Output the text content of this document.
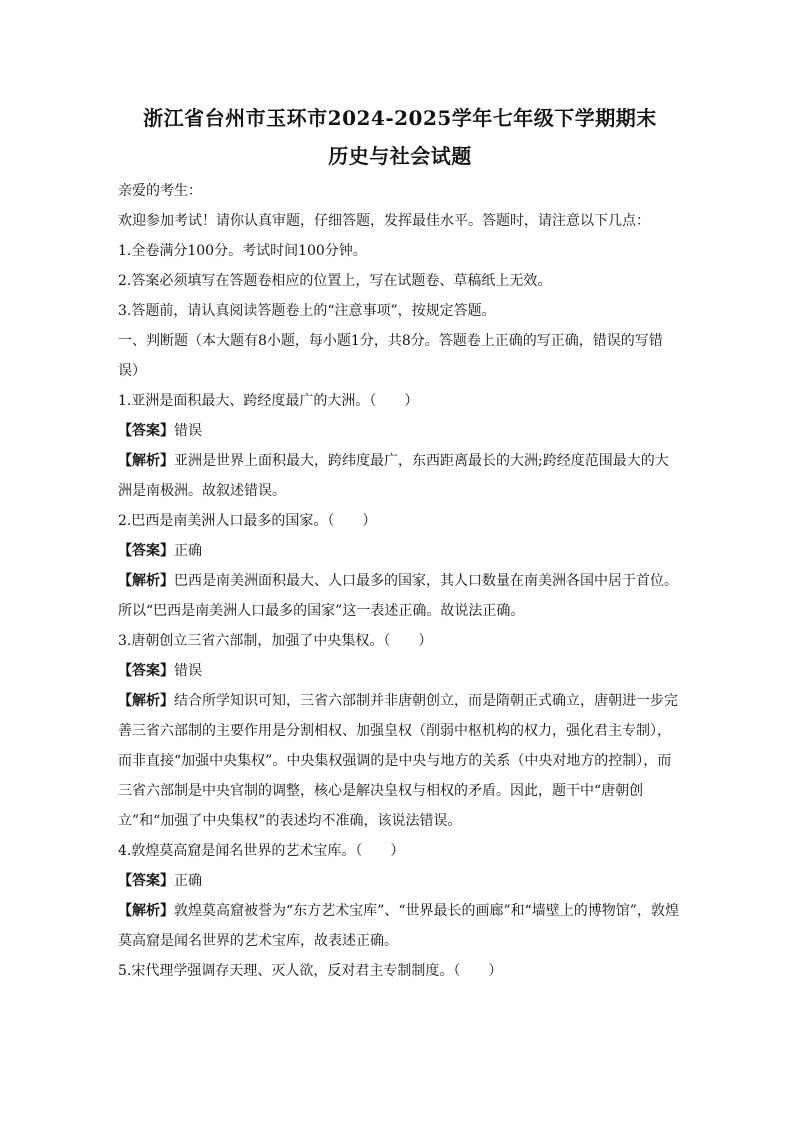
浙江省台州市玉环市2024-2025学年七年级下学期期末
历史与社会试题

亲爱的考生：

欢迎参加考试！请你认真审题，仔细答题，发挥最佳水平。答题时，请注意以下几点：

1.全卷满分100分。考试时间100分钟。

2.答案必须填写在答题卷相应的位置上，写在试题卷、草稿纸上无效。

3.答题前，请认真阅读答题卷上的“注意事项”，按规定答题。

一、判断题（本大题有8小题，每小题1分，共8分。答题卷上正确的写正确，错误的写错误）

1.亚洲是面积最大、跨经度最广的大洲。（　　）

【答案】错误

【解析】亚洲是世界上面积最大，跨纬度最广，东西距离最长的大洲;跨经度范围最大的大洲是南极洲。故叙述错误。

2.巴西是南美洲人口最多的国家。（　　）

【答案】正确

【解析】巴西是南美洲面积最大、人口最多的国家，其人口数量在南美洲各国中居于首位。所以“巴西是南美洲人口最多的国家”这一表述正确。故说法正确。

3.唐朝创立三省六部制，加强了中央集权。（　　）

【答案】错误

【解析】结合所学知识可知，三省六部制并非唐朝创立，而是隋朝正式确立，唐朝进一步完善三省六部制的主要作用是分割相权、加强皇权（削弱中枢机构的权力，强化君主专制），而非直接“加强中央集权”。中央集权强调的是中央与地方的关系（中央对地方的控制），而三省六部制是中央官制的调整，核心是解决皇权与相权的矛盾。因此，题干中“唐朝创立”和“加强了中央集权”的表述均不准确，该说法错误。

4.敦煌莫高窟是闻名世界的艺术宝库。（　　）

【答案】正确

【解析】敦煌莫高窟被誉为“东方艺术宝库”、“世界最长的画廊”和“墙壁上的博物馆”，敦煌莫高窟是闻名世界的艺术宝库，故表述正确。

5.宋代理学强调存天理、灭人欲，反对君主专制制度。（　　）
